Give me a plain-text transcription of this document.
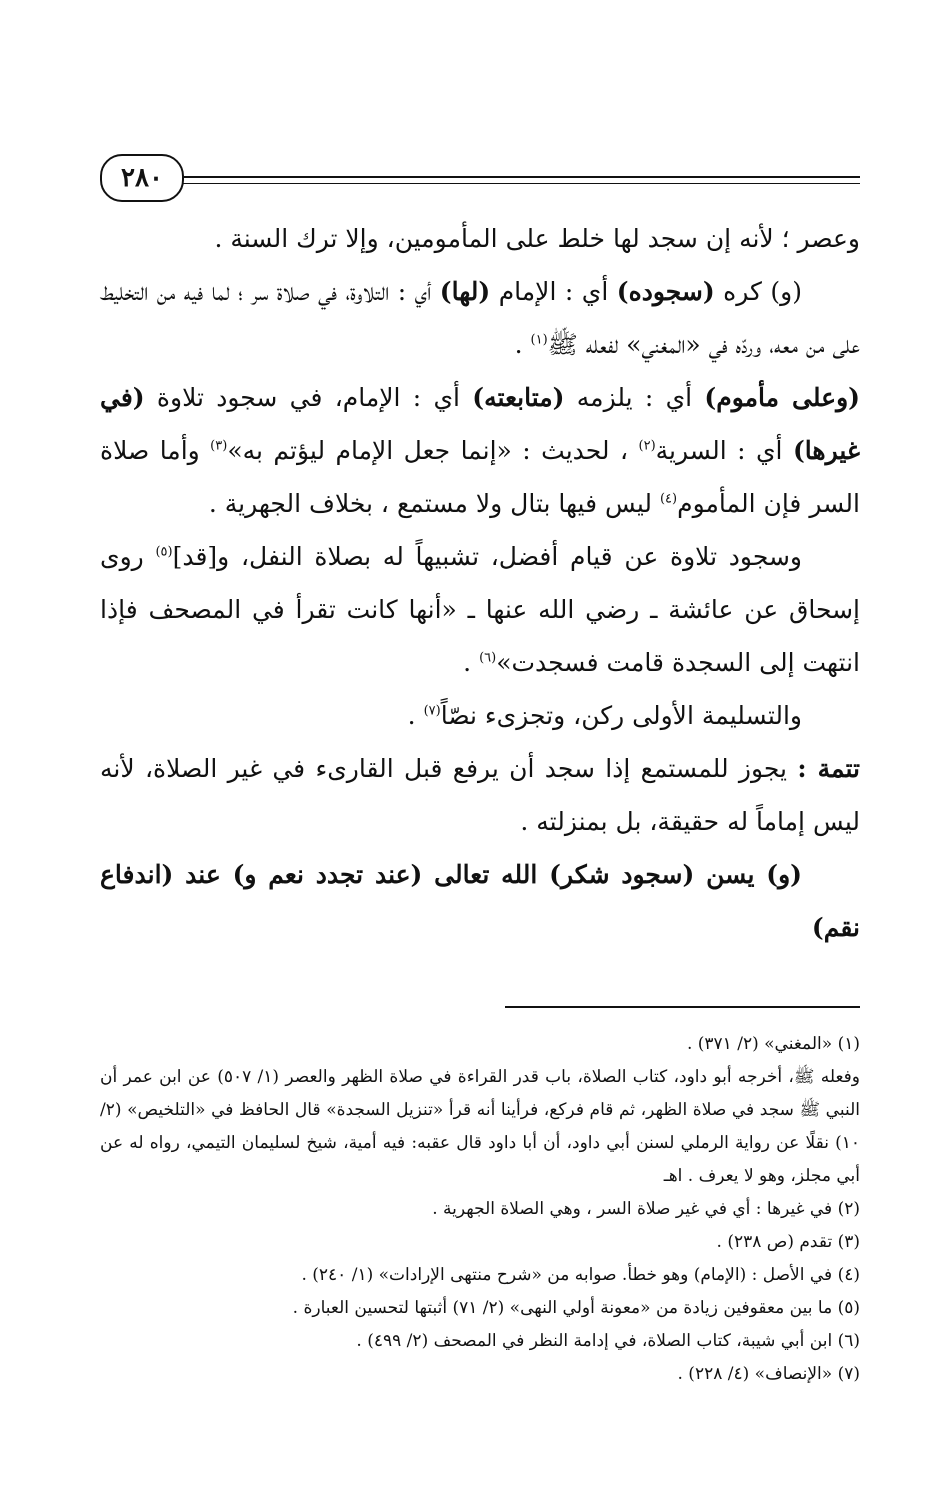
٢٨٠

وعصر ؛ لأنه إن سجد لها خلط على المأمومين، وإلا ترك السنة .

(و) كره (سجوده) أي : الإمام (لها) أي : التلاوة، في صلاة سر ؛ لما فيه من التخليط على من معه، وردّه في «المغني» لفعله ﷺ$^{(١)}$ .

(وعلى مأموم) أي : يلزمه (متابعته) أي : الإمام، في سجود تلاوة (في غيرها) أي : السرية$^{(٢)}$ ، لحديث : «إنما جعل الإمام ليؤتم به»$^{(٣)}$ وأما صلاة السر فإن المأموم$^{(٤)}$ ليس فيها بتال ولا مستمع ، بخلاف الجهرية .

وسجود تلاوة عن قيام أفضل، تشبيهاً له بصلاة النفل، و[قد]$^{(٥)}$ روى إسحاق عن عائشة ـ رضي الله عنها ـ «أنها كانت تقرأ في المصحف فإذا انتهت إلى السجدة قامت فسجدت»$^{(٦)}$ .

والتسليمة الأولى ركن، وتجزىء نصّاً$^{(٧)}$ .

تتمة : يجوز للمستمع إذا سجد أن يرفع قبل القارىء في غير الصلاة، لأنه ليس إماماً له حقيقة، بل بمنزلته .

(و) يسن (سجود شكر) الله تعالى (عند تجدد نعم و) عند (اندفاع نقم)

(١) «المغني» (٢/ ٣٧١) .

وفعله ﷺ، أخرجه أبو داود، كتاب الصلاة، باب قدر القراءة في صلاة الظهر والعصر (١/ ٥٠٧) عن ابن عمر أن النبي ﷺ سجد في صلاة الظهر، ثم قام فركع، فرأينا أنه قرأ «تنزيل السجدة» قال الحافظ في «التلخيص» (٢/ ١٠) نقلًا عن رواية الرملي لسنن أبي داود، أن أبا داود قال عقبه: فيه أمية، شيخ لسليمان التيمي، رواه له عن أبي مجلز، وهو لا يعرف . اهـ

(٢) في غيرها : أي في غير صلاة السر ، وهي الصلاة الجهرية .

(٣) تقدم (ص ٢٣٨) .

(٤) في الأصل : (الإمام) وهو خطأ. صوابه من «شرح منتهى الإرادات» (١/ ٢٤٠) .

(٥) ما بين معقوفين زيادة من «معونة أولي النهى» (٢/ ٧١) أثبتها لتحسين العبارة .

(٦) ابن أبي شيبة، كتاب الصلاة، في إدامة النظر في المصحف (٢/ ٤٩٩) .

(٧) «الإنصاف» (٤/ ٢٢٨) .
